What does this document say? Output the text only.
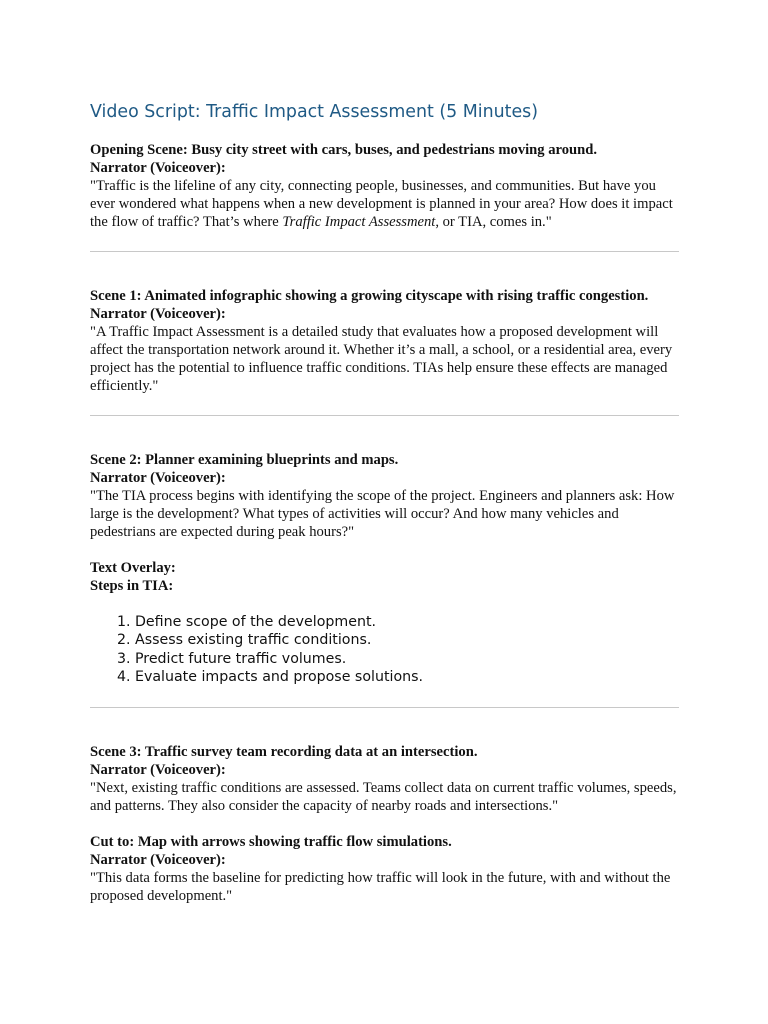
Video Script: Traffic Impact Assessment (5 Minutes)

Opening Scene: Busy city street with cars, buses, and pedestrians moving around.

Narrator (Voiceover):

"Traffic is the lifeline of any city, connecting people, businesses, and communities. But have you ever wondered what happens when a new development is planned in your area? How does it impact the flow of traffic? That’s where Traffic Impact Assessment, or TIA, comes in."

Scene 1: Animated infographic showing a growing cityscape with rising traffic congestion.

Narrator (Voiceover):

"A Traffic Impact Assessment is a detailed study that evaluates how a proposed development will affect the transportation network around it. Whether it’s a mall, a school, or a residential area, every project has the potential to influence traffic conditions. TIAs help ensure these effects are managed efficiently."

Scene 2: Planner examining blueprints and maps.

Narrator (Voiceover):

"The TIA process begins with identifying the scope of the project. Engineers and planners ask: How large is the development? What types of activities will occur? And how many vehicles and pedestrians are expected during peak hours?"

Text Overlay:

Steps in TIA:

1. Define scope of the development.
2. Assess existing traffic conditions.
3. Predict future traffic volumes.
4. Evaluate impacts and propose solutions.

Scene 3: Traffic survey team recording data at an intersection.

Narrator (Voiceover):

"Next, existing traffic conditions are assessed. Teams collect data on current traffic volumes, speeds, and patterns. They also consider the capacity of nearby roads and intersections."

Cut to: Map with arrows showing traffic flow simulations.

Narrator (Voiceover):

"This data forms the baseline for predicting how traffic will look in the future, with and without the proposed development."
